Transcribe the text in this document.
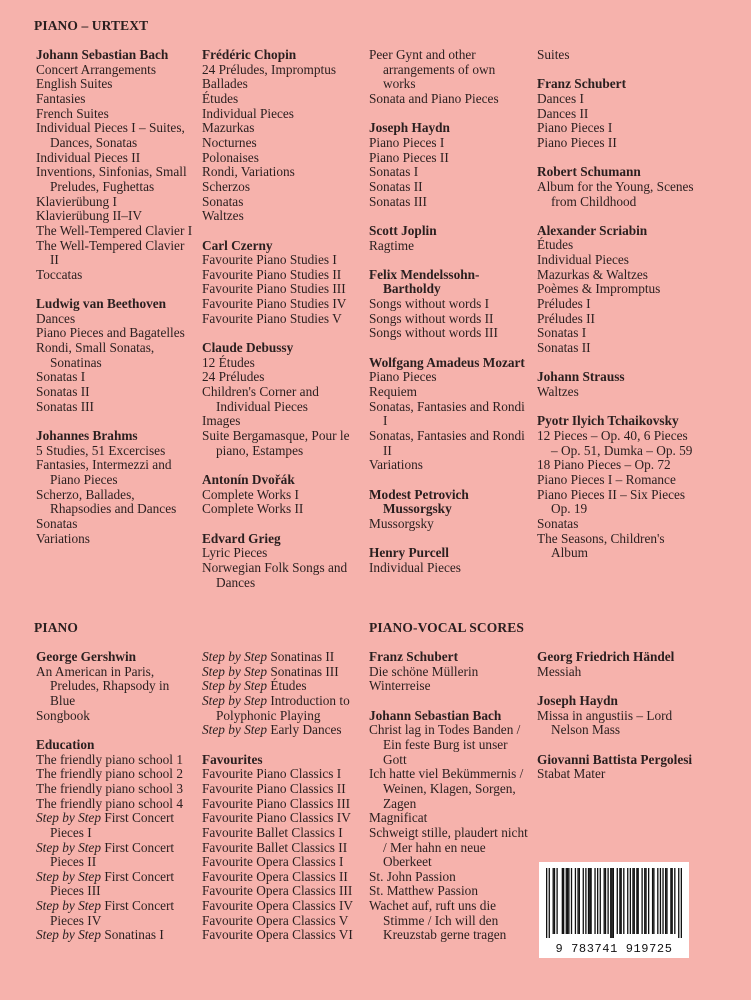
PIANO – URTEXT
Johann Sebastian Bach
Concert Arrangements
English Suites
Fantasies
French Suites
Individual Pieces I – Suites, Dances, Sonatas
Individual Pieces II
Inventions, Sinfonias, Small Preludes, Fughettas
Klavierübung I
Klavierübung II–IV
The Well-Tempered Clavier I
The Well-Tempered Clavier II
Toccatas
Ludwig van Beethoven
Dances
Piano Pieces and Bagatelles
Rondi, Small Sonatas, Sonatinas
Sonatas I
Sonatas II
Sonatas III
Johannes Brahms
5 Studies, 51 Excercises
Fantasies, Intermezzi and Piano Pieces
Scherzo, Ballades, Rhapsodies and Dances
Sonatas
Variations
Frédéric Chopin
24 Préludes, Impromptus
Ballades
Études
Individual Pieces
Mazurkas
Nocturnes
Polonaises
Rondi, Variations
Scherzos
Sonatas
Waltzes
Carl Czerny
Favourite Piano Studies I
Favourite Piano Studies II
Favourite Piano Studies III
Favourite Piano Studies IV
Favourite Piano Studies V
Claude Debussy
12 Études
24 Préludes
Children's Corner and Individual Pieces
Images
Suite Bergamasque, Pour le piano, Estampes
Antonín Dvořák
Complete Works I
Complete Works II
Edvard Grieg
Lyric Pieces
Norwegian Folk Songs and Dances
Peer Gynt and other arrangements of own works
Sonata and Piano Pieces
Joseph Haydn
Piano Pieces I
Piano Pieces II
Sonatas I
Sonatas II
Sonatas III
Scott Joplin
Ragtime
Felix Mendelssohn-Bartholdy
Songs without words I
Songs without words II
Songs without words III
Wolfgang Amadeus Mozart
Piano Pieces
Requiem
Sonatas, Fantasies and Rondi I
Sonatas, Fantasies and Rondi II
Variations
Modest Petrovich Mussorgsky
Mussorgsky
Henry Purcell
Individual Pieces
Suites
Franz Schubert
Dances I
Dances II
Piano Pieces I
Piano Pieces II
Robert Schumann
Album for the Young, Scenes from Childhood
Alexander Scriabin
Études
Individual Pieces
Mazurkas & Waltzes
Poèmes & Impromptus
Préludes I
Préludes II
Sonatas I
Sonatas II
Johann Strauss
Waltzes
Pyotr Ilyich Tchaikovsky
12 Pieces – Op. 40, 6 Pieces – Op. 51, Dumka – Op. 59
18 Piano Pieces – Op. 72
Piano Pieces I – Romance
Piano Pieces II – Six Pieces Op. 19
Sonatas
The Seasons, Children's Album
PIANO	PIANO-VOCAL SCORES
George Gershwin
An American in Paris, Preludes, Rhapsody in Blue
Songbook
Education
The friendly piano school 1
The friendly piano school 2
The friendly piano school 3
The friendly piano school 4
Step by Step First Concert Pieces I
Step by Step First Concert Pieces II
Step by Step First Concert Pieces III
Step by Step First Concert Pieces IV
Step by Step Sonatinas I
Step by Step Sonatinas II
Step by Step Sonatinas III
Step by Step Études
Step by Step Introduction to Polyphonic Playing
Step by Step Early Dances
Favourites
Favourite Piano Classics I
Favourite Piano Classics II
Favourite Piano Classics III
Favourite Piano Classics IV
Favourite Ballet Classics I
Favourite Ballet Classics II
Favourite Opera Classics I
Favourite Opera Classics II
Favourite Opera Classics III
Favourite Opera Classics IV
Favourite Opera Classics V
Favourite Opera Classics VI
Franz Schubert
Die schöne Müllerin
Winterreise
Johann Sebastian Bach
Christ lag in Todes Banden / Ein feste Burg ist unser Gott
Ich hatte viel Bekümmernis / Weinen, Klagen, Sorgen, Zagen
Magnificat
Schweigt stille, plaudert nicht / Mer hahn en neue Oberkeet
St. John Passion
St. Matthew Passion
Wachet auf, ruft uns die Stimme / Ich will den Kreuzstab gerne tragen
Georg Friedrich Händel
Messiah
Joseph Haydn
Missa in angustiis – Lord Nelson Mass
Giovanni Battista Pergolesi
Stabat Mater
9 783741 919725
